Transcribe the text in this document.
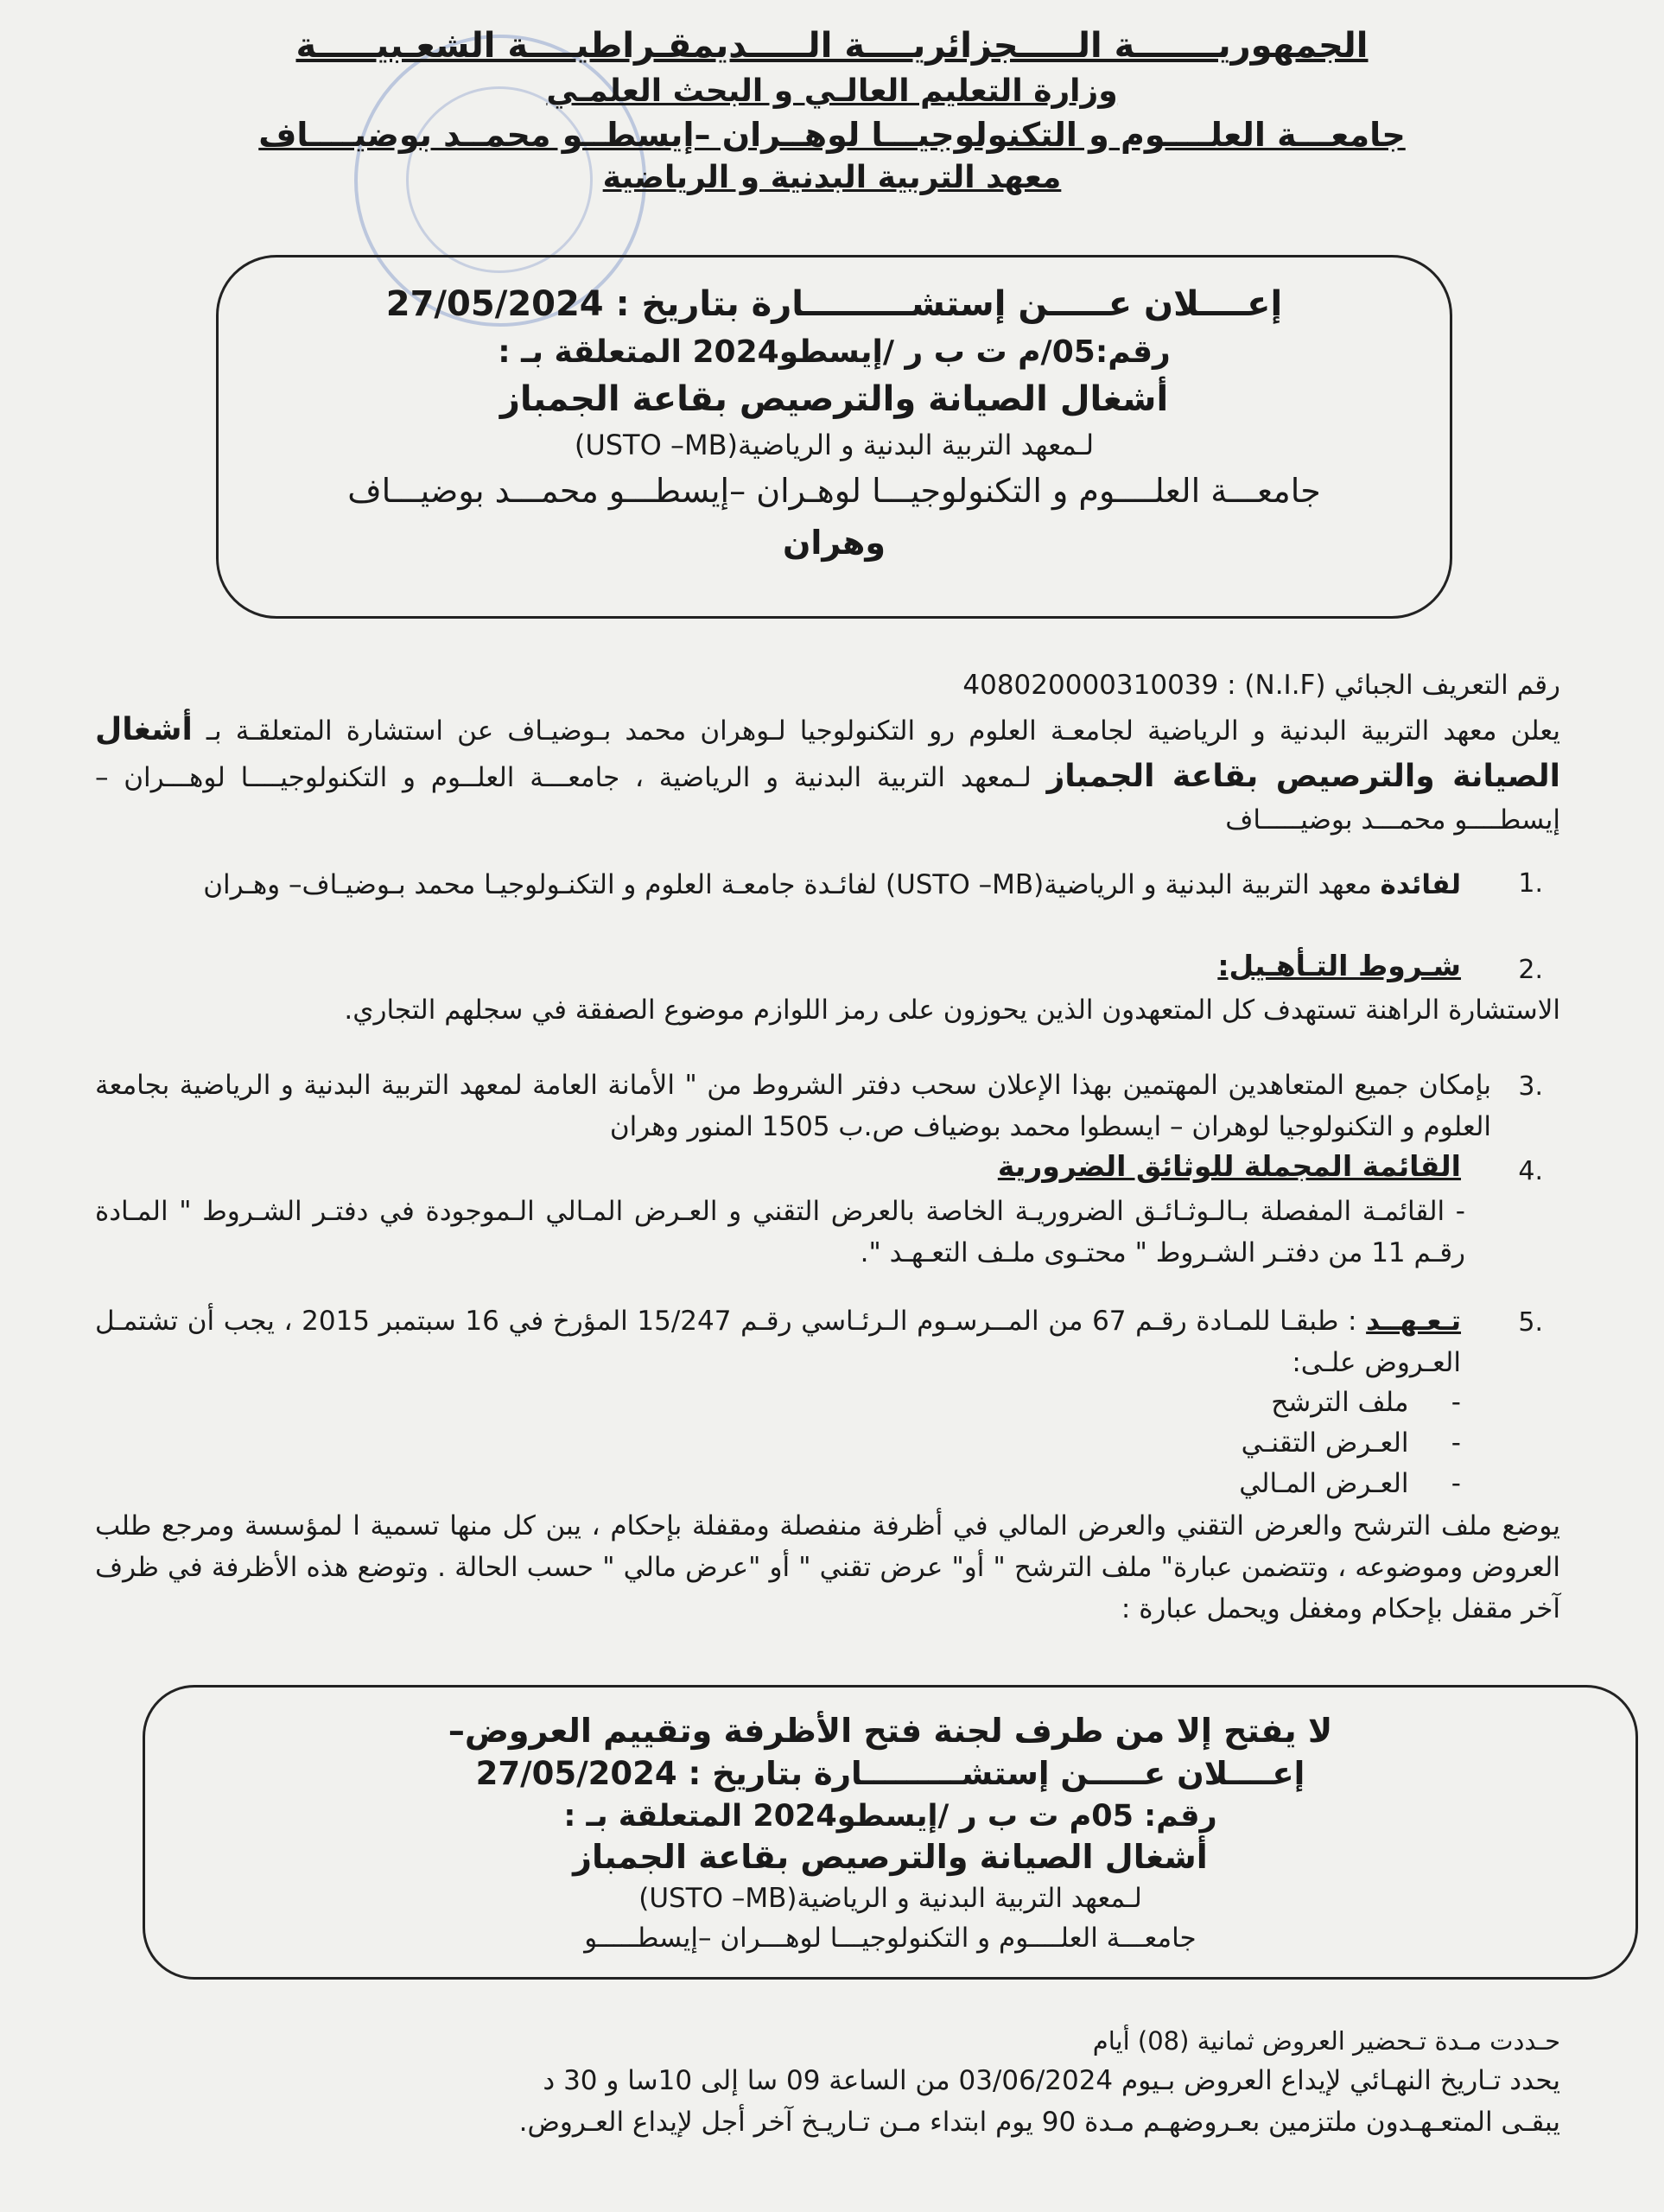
الجمهوريـــــــة الـــــجزائريــــة الـــــديمقـراطيــــة الشعـبيـــــة
وزارة التعليم العالـي و البحث العلمـي
جامعـــة العلــــوم و التكنولوجيـــا لوهــران –إيسطــو محمــد بوضيــــاف
معهد التربية البدنية و الرياضية
إعــــلان عـــــن إستشـــــــــارة بتاريخ : 27/05/2024
رقم:05/م ت ب ر /إيسطو2024 المتعلقة بـ :
أشغال الصيانة والترصيص بقاعة الجمباز
لـمعهد التربية البدنية و الرياضية(USTO –MB)
جامعـــة العلــــوم و التكنولوجيـــا لوهـران –إيسطـــو محمـــد بوضيـــاف
وهران
رقم التعريف الجبائي (N.I.F) : 408020000310039
يعلن معهد التربية البدنية و الرياضية لجامعـة العلوم رو التكنولوجيا لـوهران محمد بـوضيـاف عن استشارة المتعلقـة بـ أشغال الصيانة والترصيص بقاعة الجمباز لـمعهد التربية البدنية و الرياضية ، جامعـــة العلــوم و التكنولوجيــــا لوهـــران –إيسطــــو محمـــد بوضيـــــاف
.1
لفائدة معهد التربية البدنية و الرياضية(USTO –MB) لفائـدة جامعـة العلوم و التكنـولوجيـا محمد بـوضيـاف– وهـران
.2
شـروط التـأهـيل:
الاستشارة الراهنة تستهدف كل المتعهدون الذين يحوزون على رمز اللوازم موضوع الصفقة في سجلهم التجاري.
.3
بإمكان جميع المتعاهدين المهتمين بهذا الإعلان سحب دفتر الشروط من " الأمانة العامة لمعهد التربية البدنية و الرياضية بجامعة العلوم و التكنولوجيا لوهران – ايسطوا محمد بوضياف ص.ب 1505 المنور وهران
.4
القائمة المجملة للوثائق الضرورية
- القائمـة المفصلة بـالـوثـائـق الضروريـة الخاصة بالعرض التقني و العـرض المـالي الـموجودة في دفتـر الشـروط " المـادة رقـم 11 من دفتـر الشـروط " محتـوى ملـف التعـهـد ".
.5
تـعـهــد : طبقـا للمـادة رقـم 67 من المــرسـوم الـرئـاسي رقـم 15/247 المؤرخ في 16 سبتمبر 2015 ، يجب أن تشتمـل العـروض علـى:
-     ملف الترشح
-     العـرض التقنـي
-     العـرض المـالي
يوضع ملف الترشح والعرض التقني والعرض المالي في أظرفة منفصلة ومقفلة بإحكام ، يبن كل منها تسمية ا لمؤسسة ومرجع طلب العروض وموضوعه ، وتتضمن عبارة" ملف الترشح " أو" عرض تقني " أو "عرض مالي " حسب الحالة . وتوضع هذه الأظرفة في ظرف آخر مقفل بإحكام ومغفل ويحمل عبارة :
لا يفتح إلا من طرف لجنة فتح الأظرفة وتقييم العروض–
إعــــلان عـــــن إستشـــــــــارة بتاريخ : 27/05/2024
رقم: 05م ت ب ر /إيسطو2024 المتعلقة بـ :
أشغال الصيانة والترصيص بقاعة الجمباز
لـمعهد التربية البدنية و الرياضية(USTO –MB)
جامعـــة العلــــوم و التكنولوجيـــا لوهـــران –إيسطـــــو
حـددت مـدة تـحضير العروض ثمانية (08) أيام
يحدد تـاريخ النهـائي لإيداع العروض بـيوم 03/06/2024 من الساعة 09 سا إلى 10سا و 30 د
يبقـى المتعـهـدون ملتزمين بعـروضهـم مـدة 90 يوم ابتداء مـن تـاريـخ آخر أجل لإيداع العـروض.
